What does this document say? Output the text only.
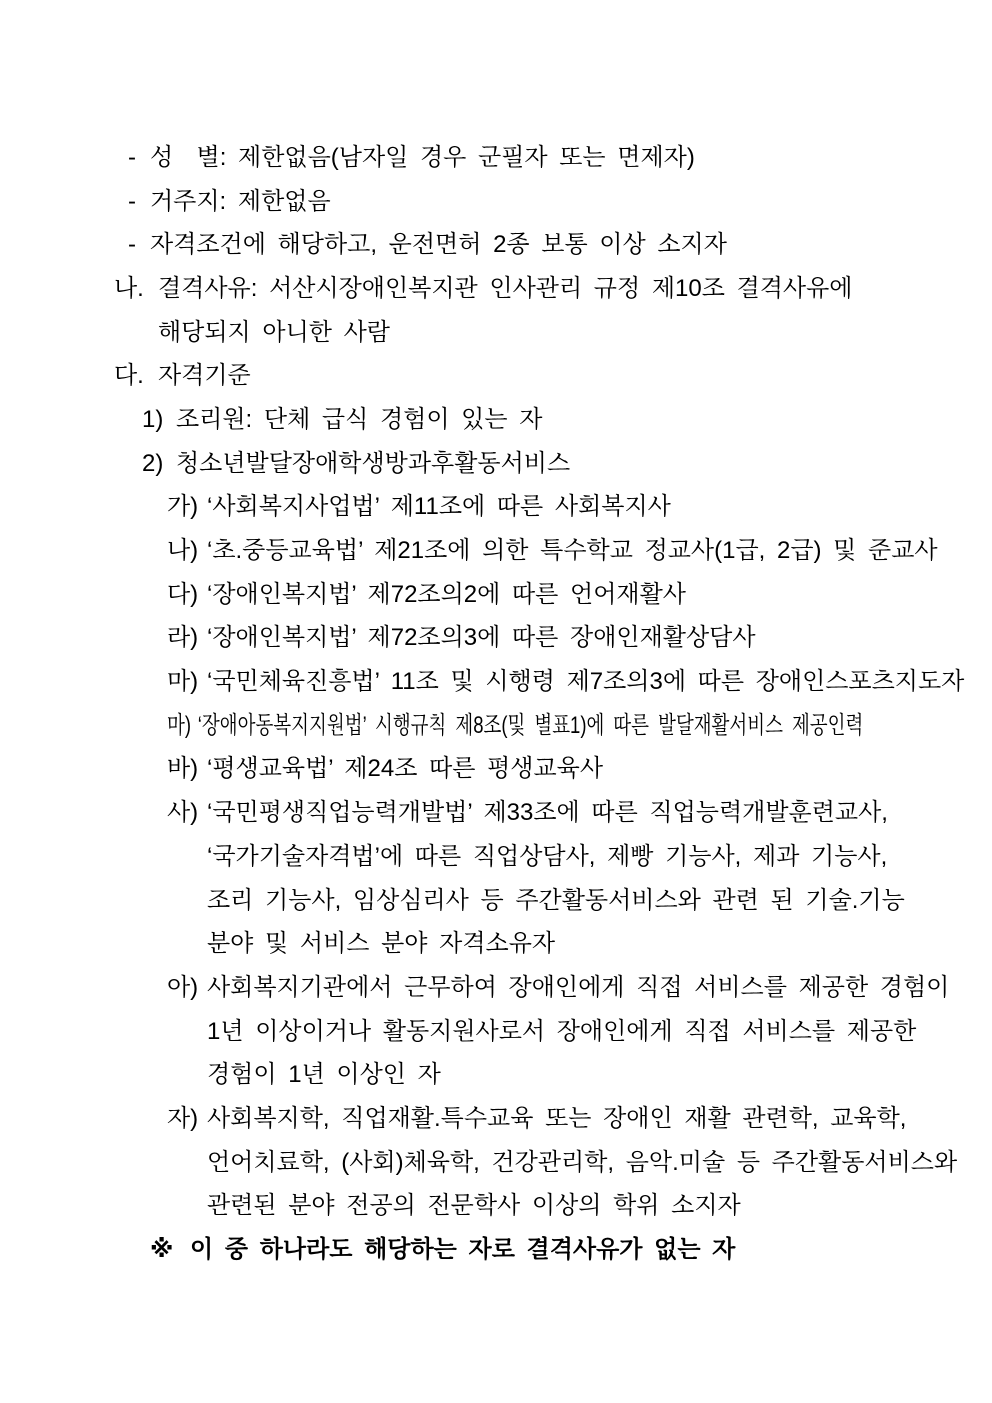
- 성  별: 제한없음(남자일 경우 군필자 또는 면제자)
- 거주지: 제한없음
- 자격조건에 해당하고, 운전면허 2종 보통 이상 소지자
나. 결격사유: 서산시장애인복지관 인사관리 규정 제10조 결격사유에
해당되지 아니한 사람
다. 자격기준
1) 조리원: 단체 급식 경험이 있는 자
2) 청소년발달장애학생방과후활동서비스
가) ‘사회복지사업법’ 제11조에 따른 사회복지사
나) ‘초.중등교육법’ 제21조에 의한 특수학교 정교사(1급, 2급) 및 준교사
다) ‘장애인복지법’ 제72조의2에 따른 언어재활사
라) ‘장애인복지법’ 제72조의3에 따른 장애인재활상담사
마) ‘국민체육진흥법’ 11조 및 시행령 제7조의3에 따른 장애인스포츠지도자
마) ‘장애아동복지지원법’ 시행규칙 제8조(및 별표1)에 따른 발달재활서비스 제공인력
바) ‘평생교육법’ 제24조 따른 평생교육사
사) ‘국민평생직업능력개발법’ 제33조에 따른 직업능력개발훈련교사,
‘국가기술자격법’에 따른 직업상담사, 제빵 기능사, 제과 기능사,
조리 기능사, 임상심리사 등 주간활동서비스와 관련 된 기술.기능
분야 및 서비스 분야 자격소유자
아) 사회복지기관에서 근무하여 장애인에게 직접 서비스를 제공한 경험이
1년 이상이거나 활동지원사로서 장애인에게 직접 서비스를 제공한
경험이 1년 이상인 자
자) 사회복지학, 직업재활.특수교육 또는 장애인 재활 관련학, 교육학,
언어치료학, (사회)체육학, 건강관리학, 음악.미술 등 주간활동서비스와
관련된 분야 전공의 전문학사 이상의 학위 소지자
※ 이 중 하나라도 해당하는 자로 결격사유가 없는 자
